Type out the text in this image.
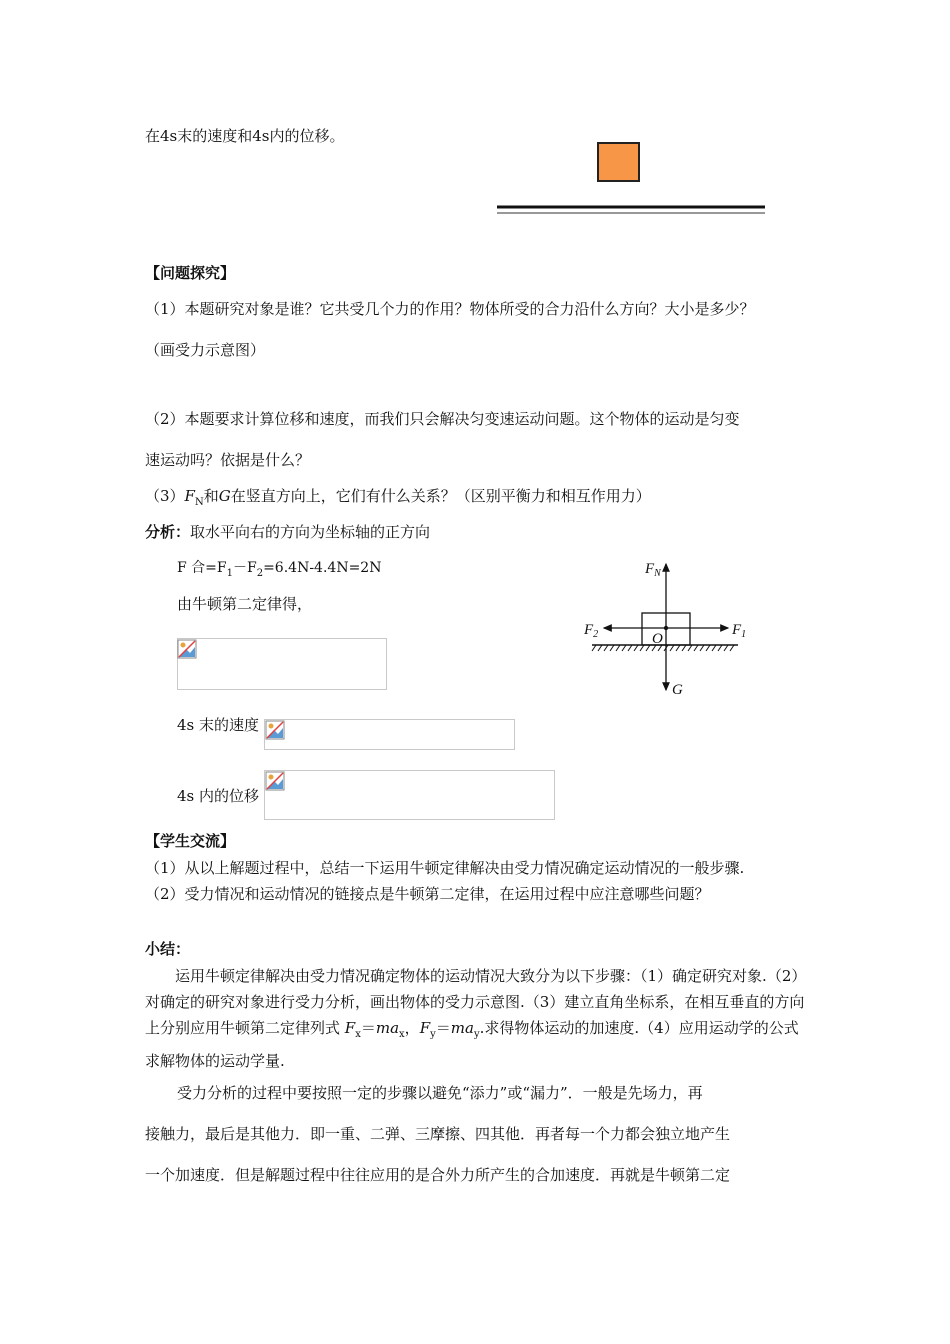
在4s末的速度和4s内的位移。
【问题探究】
（1）本题研究对象是谁？它共受几个力的作用？物体所受的合力沿什么方向？大小是多少？
（画受力示意图）
（2）本题要求计算位移和速度，而我们只会解决匀变速运动问题。这个物体的运动是匀变
速运动吗？依据是什么？
$(3)F_N$和G在竖直方向上，它们有什么关系？（区别平衡力和相互作用力）
分析：取水平向右的方向为坐标轴的正方向
F 合$=F_1-F_2=6.4N-4.4N=2N$
由牛顿第二定律得，
4s 末的速度
4s 内的位移
$F_N$
$F_1$
$F_2$	O
G
【学生交流】
（1）从以上解题过程中，总结一下运用牛顿定律解决由受力情况确定运动情况的一般步骤.
（2）受力情况和运动情况的链接点是牛顿第二定律，在运用过程中应注意哪些问题？
小结：
运用牛顿定律解决由受力情况确定物体的运动情况大致分为以下步骤：（1）确定研究对象.（2）对确定的研究对象进行受力分析，画出物体的受力示意图.（3）建立直角坐标系，在相互垂直的方向上分别应用牛顿第二定律列式 $F_x=ma_x$，$F_y=ma_y$.求得物体运动的加速度.（4）应用运动学的公式求解物体的运动学量.
受力分析的过程中要按照一定的步骤以避免“添力”或“漏力”．一般是先场力，再
接触力，最后是其他力．即一重、二弹、三摩擦、四其他．再者每一个力都会独立地产生
一个加速度．但是解题过程中往往应用的是合外力所产生的合加速度．再就是牛顿第二定
